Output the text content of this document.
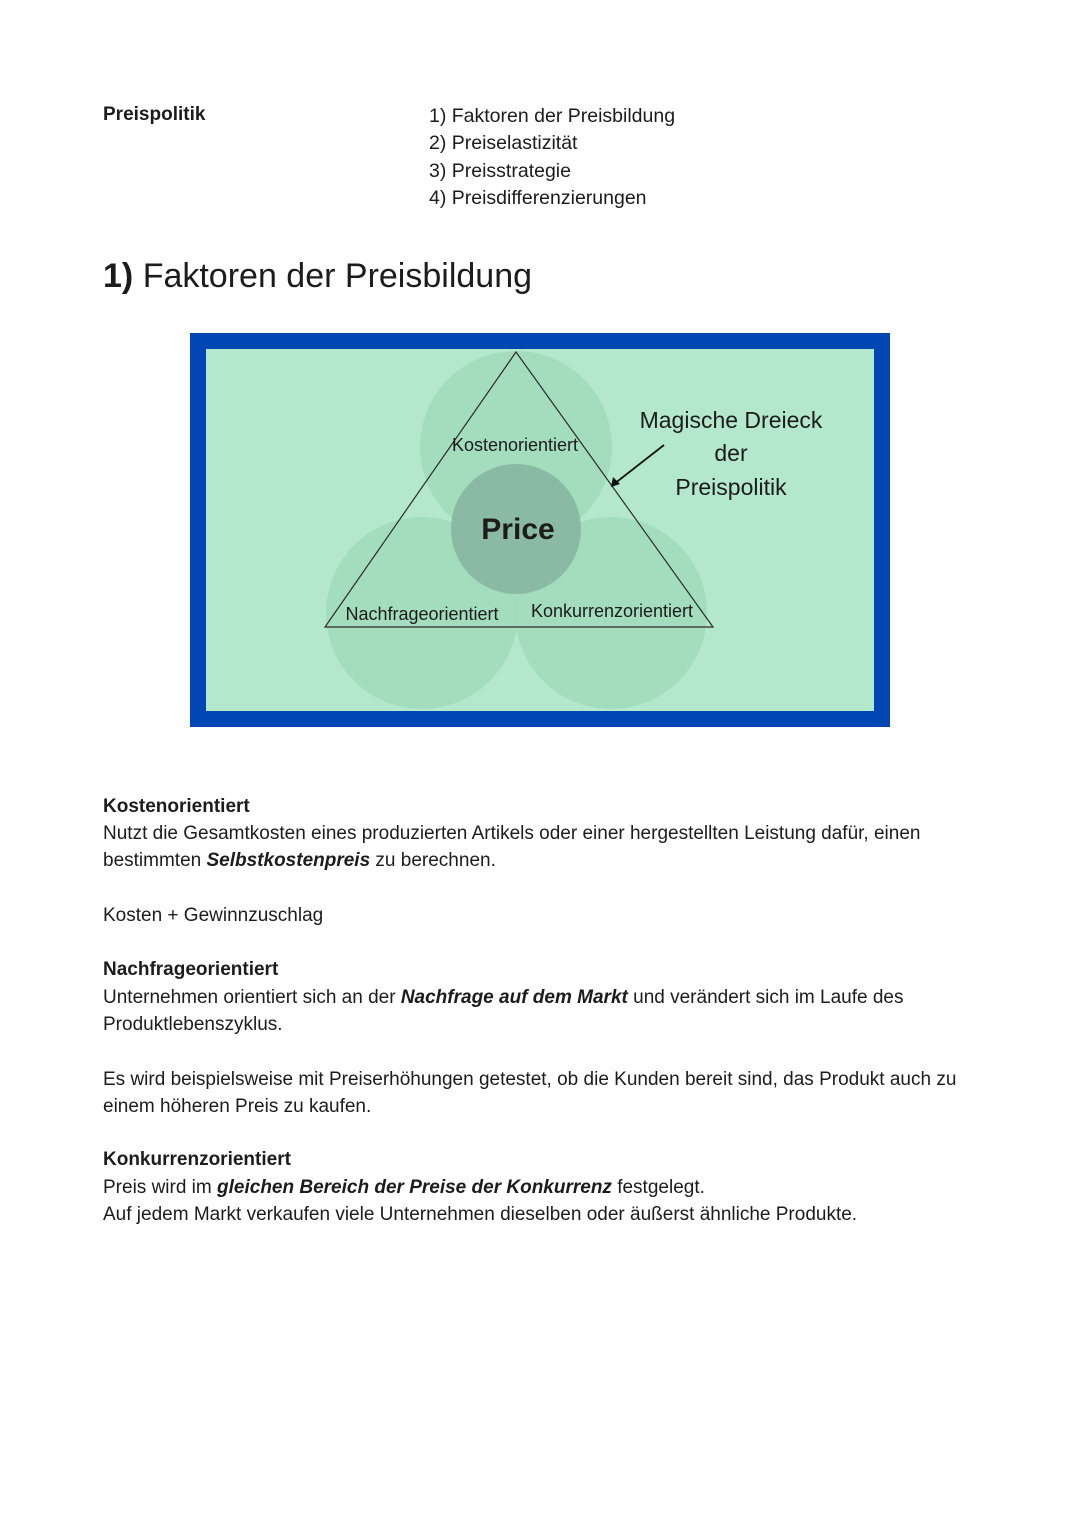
Preispolitik	1) Faktoren der Preisbildung
2) Preiselastizität
3) Preisstrategie
4) Preisdifferenzierungen
1) Faktoren der Preisbildung
Price
Kostenorientiert
Nachfrageorientiert Konkurrenzorientiert
Magische Dreieck
der
Preispolitik
Kostenorientiert

Nutzt die Gesamtkosten eines produzierten Artikels oder einer hergestellten Leistung dafür, einen bestimmten Selbstkostenpreis zu berechnen.

Kosten + Gewinnzuschlag

Nachfrageorientiert

Unternehmen orientiert sich an der Nachfrage auf dem Markt und verändert sich im Laufe des Produktlebenszyklus.

Es wird beispielsweise mit Preiserhöhungen getestet, ob die Kunden bereit sind, das Produkt auch zu einem höheren Preis zu kaufen.

Konkurrenzorientiert

Preis wird im gleichen Bereich der Preise der Konkurrenz festgelegt.
Auf jedem Markt verkaufen viele Unternehmen dieselben oder äußerst ähnliche Produkte.
